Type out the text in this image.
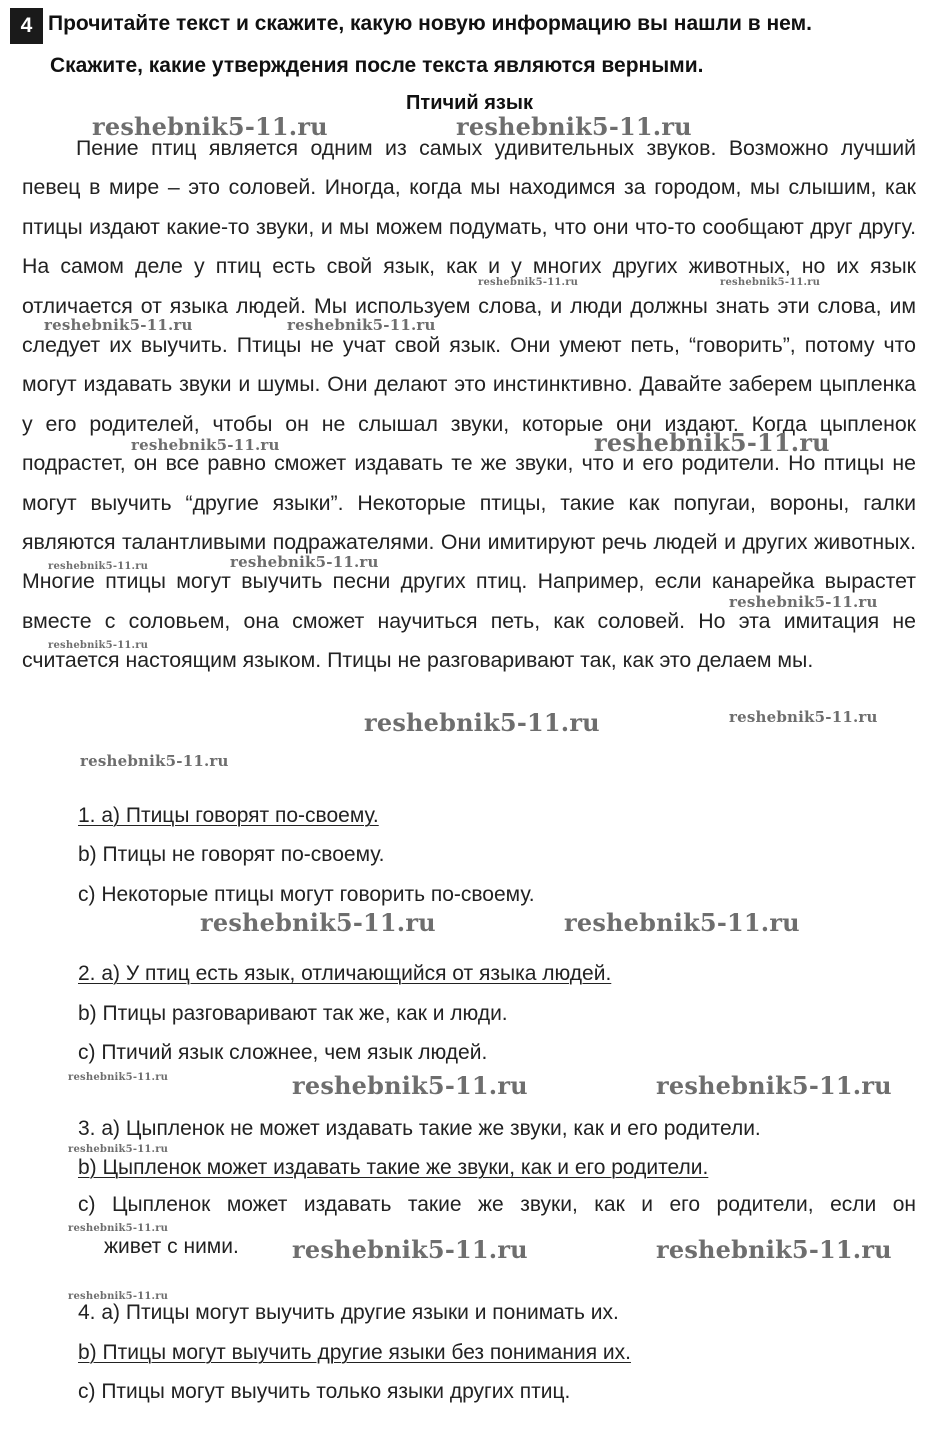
4 Прочитайте текст и скажите, какую новую информацию вы нашли в нем.
Скажите, какие утверждения после текста являются верными.
Птичий язык

Пение птиц является одним из самых удивительных звуков. Возможно лучший певец в мире – это соловей. Иногда, когда мы находимся за городом, мы слышим, как птицы издают какие-то звуки, и мы можем подумать, что они что-то сообщают друг другу. На самом деле у птиц есть свой язык, как и у многих других животных, но их язык отличается от языка людей. Мы используем слова, и люди должны знать эти слова, им следует их выучить. Птицы не учат свой язык. Они умеют петь, “говорить”, потому что могут издавать звуки и шумы. Они делают это инстинктивно. Давайте заберем цыпленка у его родителей, чтобы он не слышал звуки, которые они издают. Когда цыпленок подрастет, он все равно сможет издавать те же звуки, что и его родители. Но птицы не могут выучить “другие языки”. Некоторые птицы, такие как попугаи, вороны, галки являются талантливыми подражателями. Они имитируют речь людей и других животных. Многие птицы могут выучить песни других птиц. Например, если канарейка вырастет вместе с соловьем, она сможет научиться петь, как соловей. Но эта имитация не считается настоящим языком. Птицы не разговаривают так, как это делаем мы.

1. а) Птицы говорят по-своему.
b) Птицы не говорят по-своему.
c) Некоторые птицы могут говорить по-своему.
2. а) У птиц есть язык, отличающийся от языка людей.
b) Птицы разговаривают так же, как и люди.
c) Птичий язык сложнее, чем язык людей.
3. а) Цыпленок не может издавать такие же звуки, как и его родители.
b) Цыпленок может издавать такие же звуки, как и его родители.
c) Цыпленок может издавать такие же звуки, как и его родители, если он
живет с ними.
4. а) Птицы могут выучить другие языки и понимать их.
b) Птицы могут выучить другие языки без понимания их.
c) Птицы могут выучить только языки других птиц.
reshebnik5-11.ru	reshebnik5-11.ru
reshebnik5-11.ru	reshebnik5-11.ru
reshebnik5-11.ru	reshebnik5-11.ru
reshebnik5-11.ru	reshebnik5-11.ru
reshebnik5-11.ru	reshebnik5-11.ru
reshebnik5-11.ru
reshebnik5-11.ru
reshebnik5-11.ru	reshebnik5-11.ru
reshebnik5-11.ru
reshebnik5-11.ru	reshebnik5-11.ru
reshebnik5-11.ru	reshebnik5-11.ru	reshebnik5-11.ru
reshebnik5-11.ru
reshebnik5-11.ru
reshebnik5-11.ru	reshebnik5-11.ru
reshebnik5-11.ru
